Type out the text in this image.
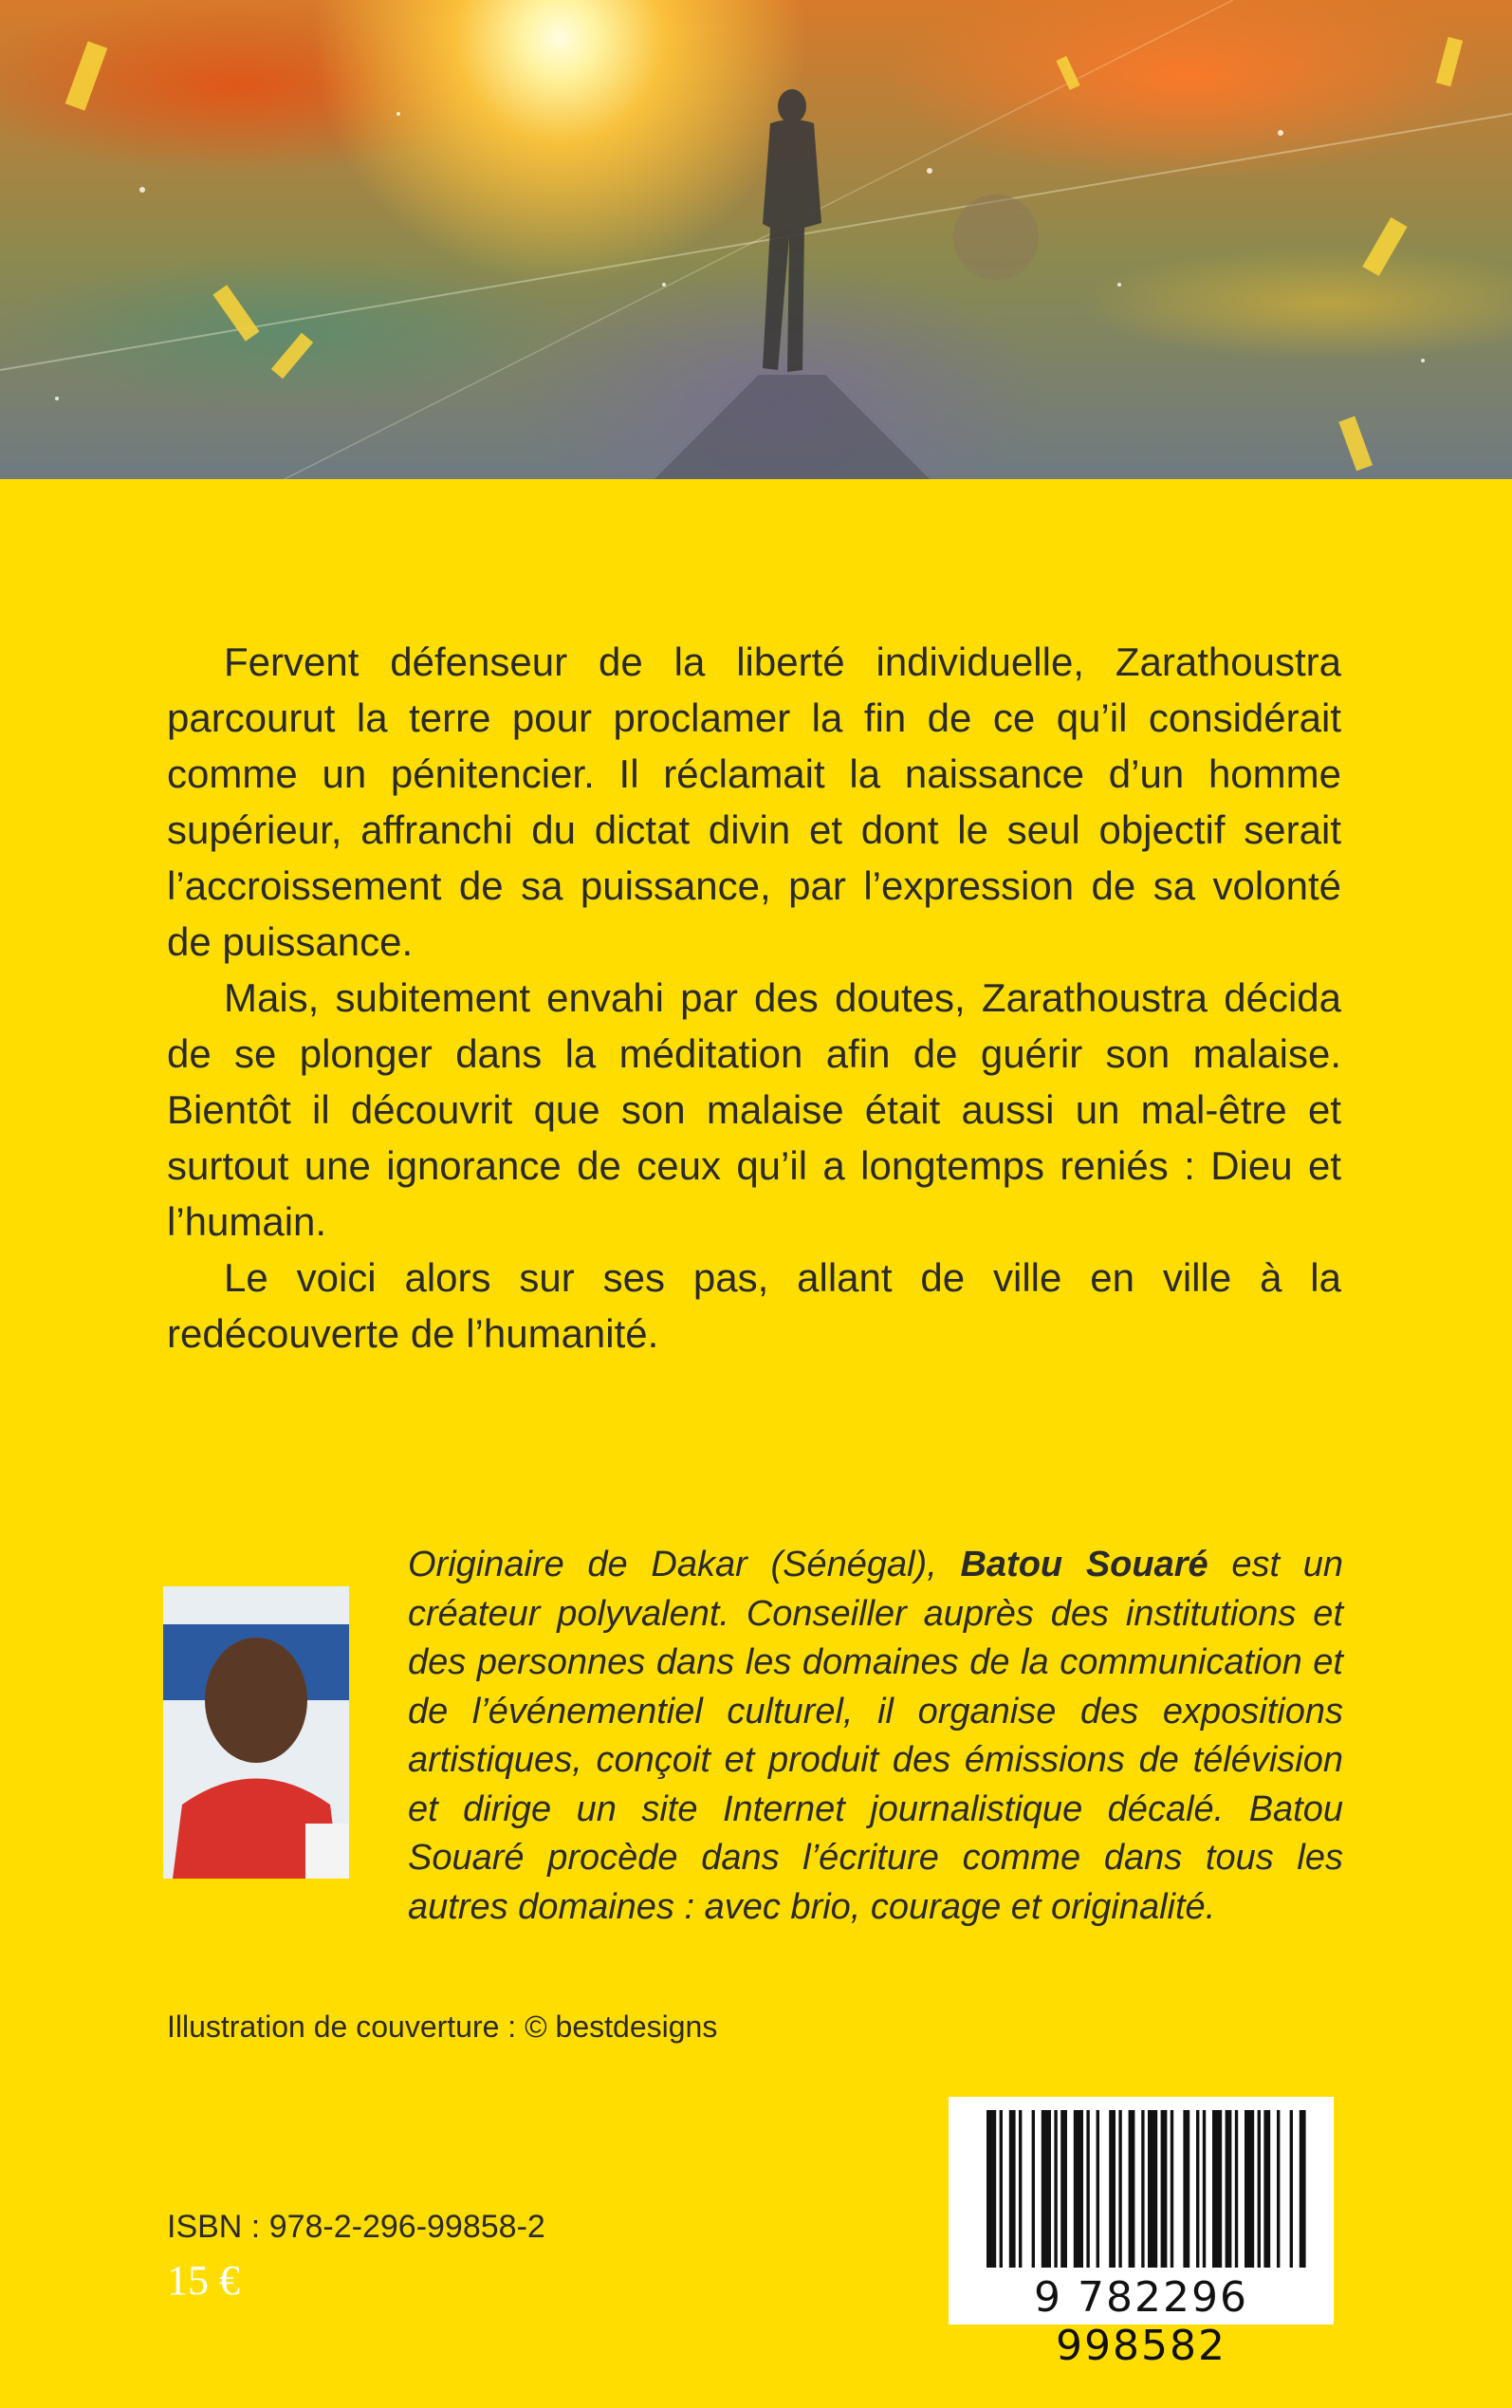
Fervent défenseur de la liberté individuelle, Zarathoustra parcourut la terre pour proclamer la fin de ce qu’il considérait comme un pénitencier. Il réclamait la naissance d’un homme supérieur, affranchi du dictat divin et dont le seul objectif serait l’accroissement de sa puissance, par l’expression de sa volonté de puissance.

Mais, subitement envahi par des doutes, Zarathoustra décida de se plonger dans la méditation afin de guérir son malaise. Bientôt il découvrit que son malaise était aussi un mal-être et surtout une ignorance de ceux qu’il a longtemps reniés : Dieu et l’humain.

Le voici alors sur ses pas, allant de ville en ville à la redécouverte de l’humanité.

Originaire de Dakar (Sénégal), Batou Souaré est un créateur polyvalent. Conseiller auprès des institutions et des personnes dans les domaines de la communication et de l’événementiel culturel, il organise des expositions artistiques, conçoit et produit des émissions de télévision et dirige un site Internet journalistique décalé. Batou Souaré procède dans l’écriture comme dans tous les autres domaines : avec brio, courage et originalité.

Illustration de couverture : © bestdesigns
ISBN : 978-2-296-99858-2
15 €	9 782296 998582
